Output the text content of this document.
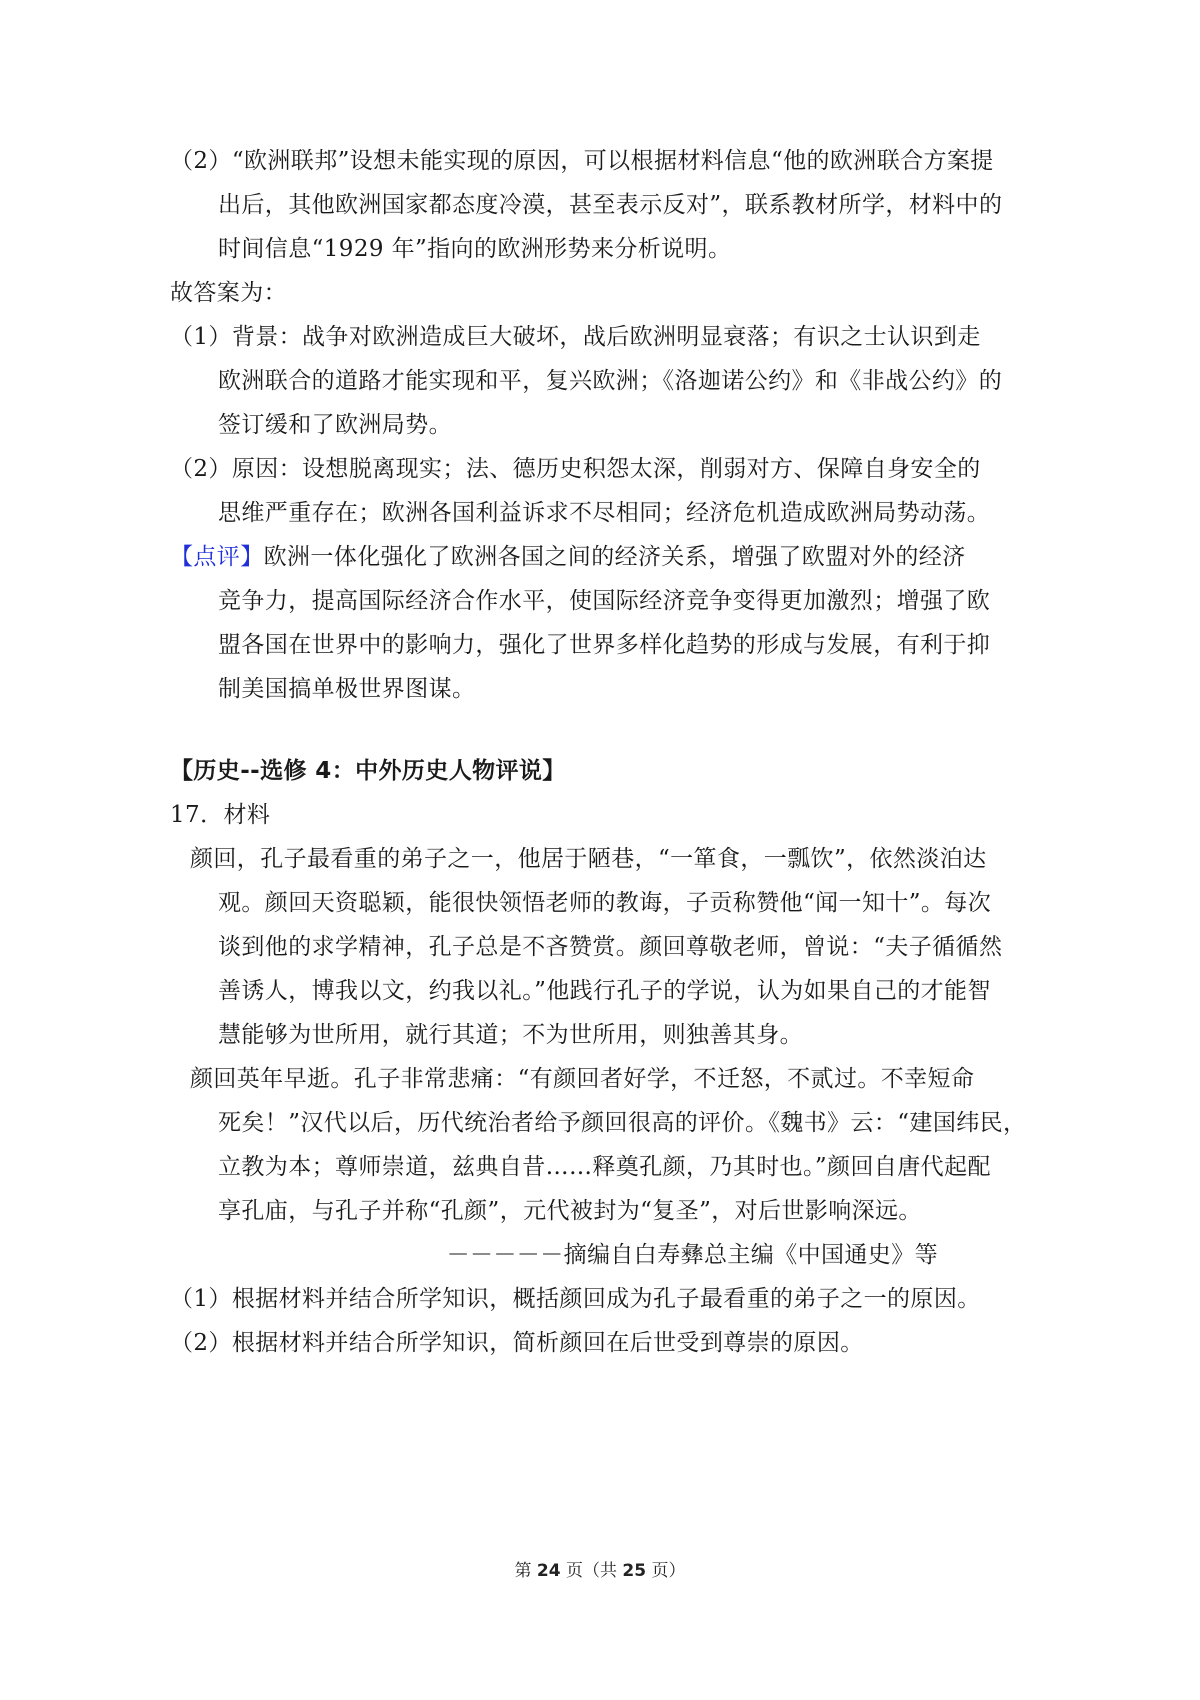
（2）“欧洲联邦”设想未能实现的原因，可以根据材料信息“他的欧洲联合方案提
出后，其他欧洲国家都态度冷漠，甚至表示反对”，联系教材所学，材料中的
时间信息“1929 年”指向的欧洲形势来分析说明。
故答案为：
（1）背景：战争对欧洲造成巨大破坏，战后欧洲明显衰落；有识之士认识到走
欧洲联合的道路才能实现和平，复兴欧洲；《洛迦诺公约》和《非战公约》的
签订缓和了欧洲局势。
（2）原因：设想脱离现实；法、德历史积怨太深，削弱对方、保障自身安全的
思维严重存在；欧洲各国利益诉求不尽相同；经济危机造成欧洲局势动荡。
【点评】欧洲一体化强化了欧洲各国之间的经济关系，增强了欧盟对外的经济
竞争力，提高国际经济合作水平，使国际经济竞争变得更加激烈；增强了欧
盟各国在世界中的影响力，强化了世界多样化趋势的形成与发展，有利于抑
制美国搞单极世界图谋。
【历史--选修 4：中外历史人物评说】
17．材料
颜回，孔子最看重的弟子之一，他居于陋巷，“一箪食，一瓢饮”，依然淡泊达
观。颜回天资聪颖，能很快领悟老师的教诲，子贡称赞他“闻一知十”。每次
谈到他的求学精神，孔子总是不吝赞赏。颜回尊敬老师，曾说：“夫子循循然
善诱人，博我以文，约我以礼。”他践行孔子的学说，认为如果自己的才能智
慧能够为世所用，就行其道；不为世所用，则独善其身。
颜回英年早逝。孔子非常悲痛：“有颜回者好学，不迁怒，不贰过。不幸短命
死矣！”汉代以后，历代统治者给予颜回很高的评价。《魏书》云：“建国纬民，
立教为本；尊师崇道，兹典自昔……释奠孔颜，乃其时也。”颜回自唐代起配
享孔庙，与孔子并称“孔颜”，元代被封为“复圣”，对后世影响深远。
－－－－－摘编自白寿彝总主编《中国通史》等
（1）根据材料并结合所学知识，概括颜回成为孔子最看重的弟子之一的原因。
（2）根据材料并结合所学知识，简析颜回在后世受到尊崇的原因。
第 24 页（共 25 页）
